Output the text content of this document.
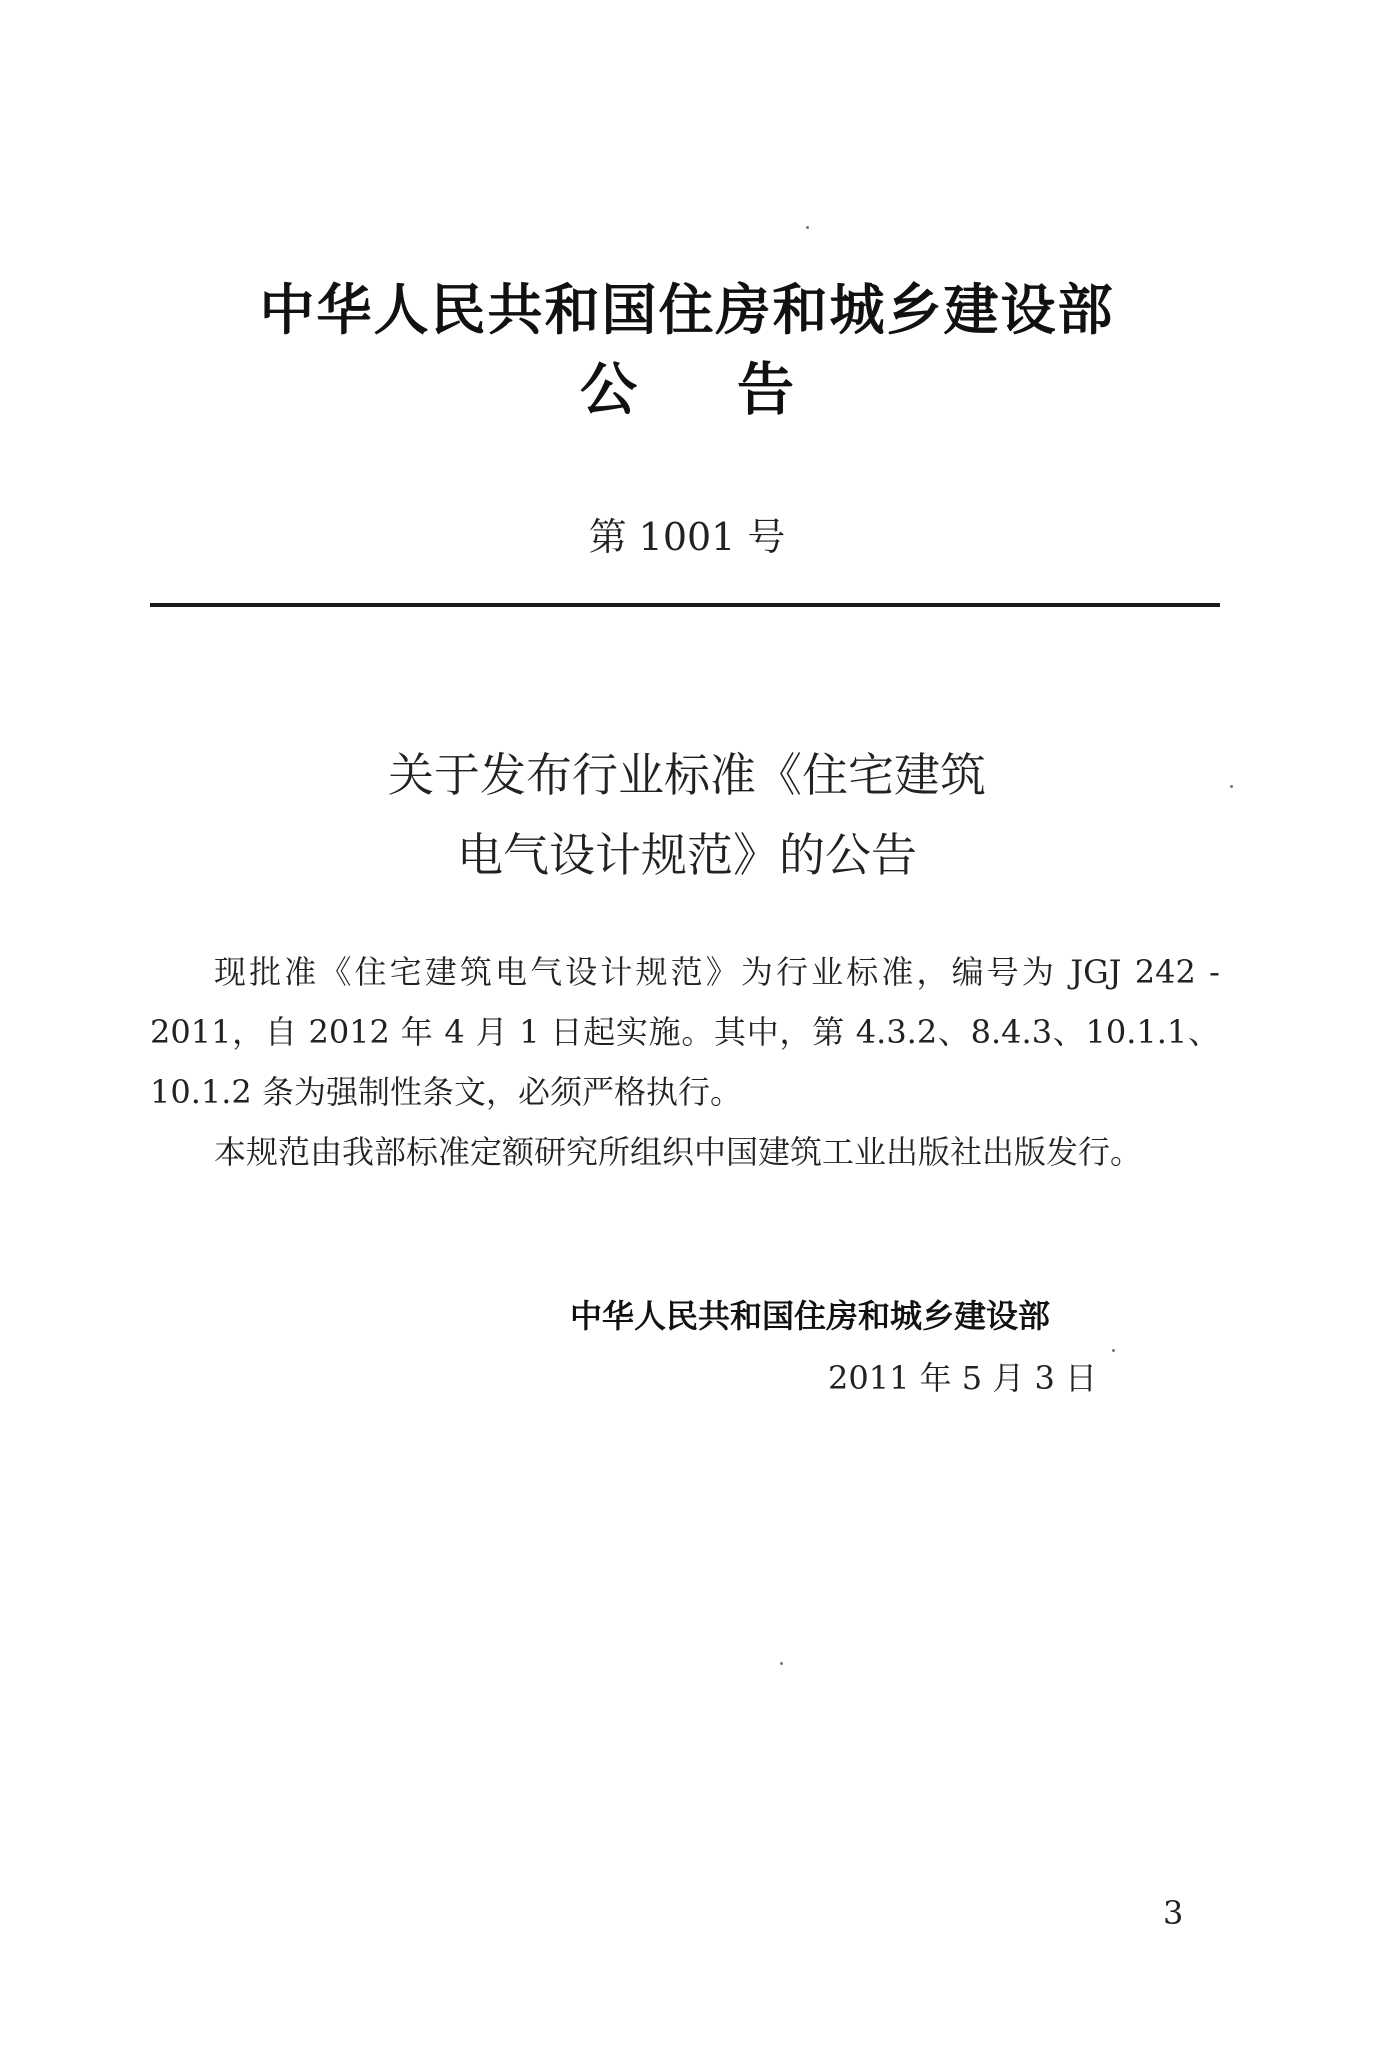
中华人民共和国住房和城乡建设部
公告
第 1001 号
关于发布行业标准《住宅建筑
电气设计规范》的公告

现批准《住宅建筑电气设计规范》为行业标准，编号为 JGJ 242 - 2011，自 2012 年 4 月 1 日起实施。其中，第 4.3.2、8.4.3、10.1.1、10.1.2 条为强制性条文，必须严格执行。

本规范由我部标准定额研究所组织中国建筑工业出版社出版发行。

中华人民共和国住房和城乡建设部
2011 年 5 月 3 日
3
